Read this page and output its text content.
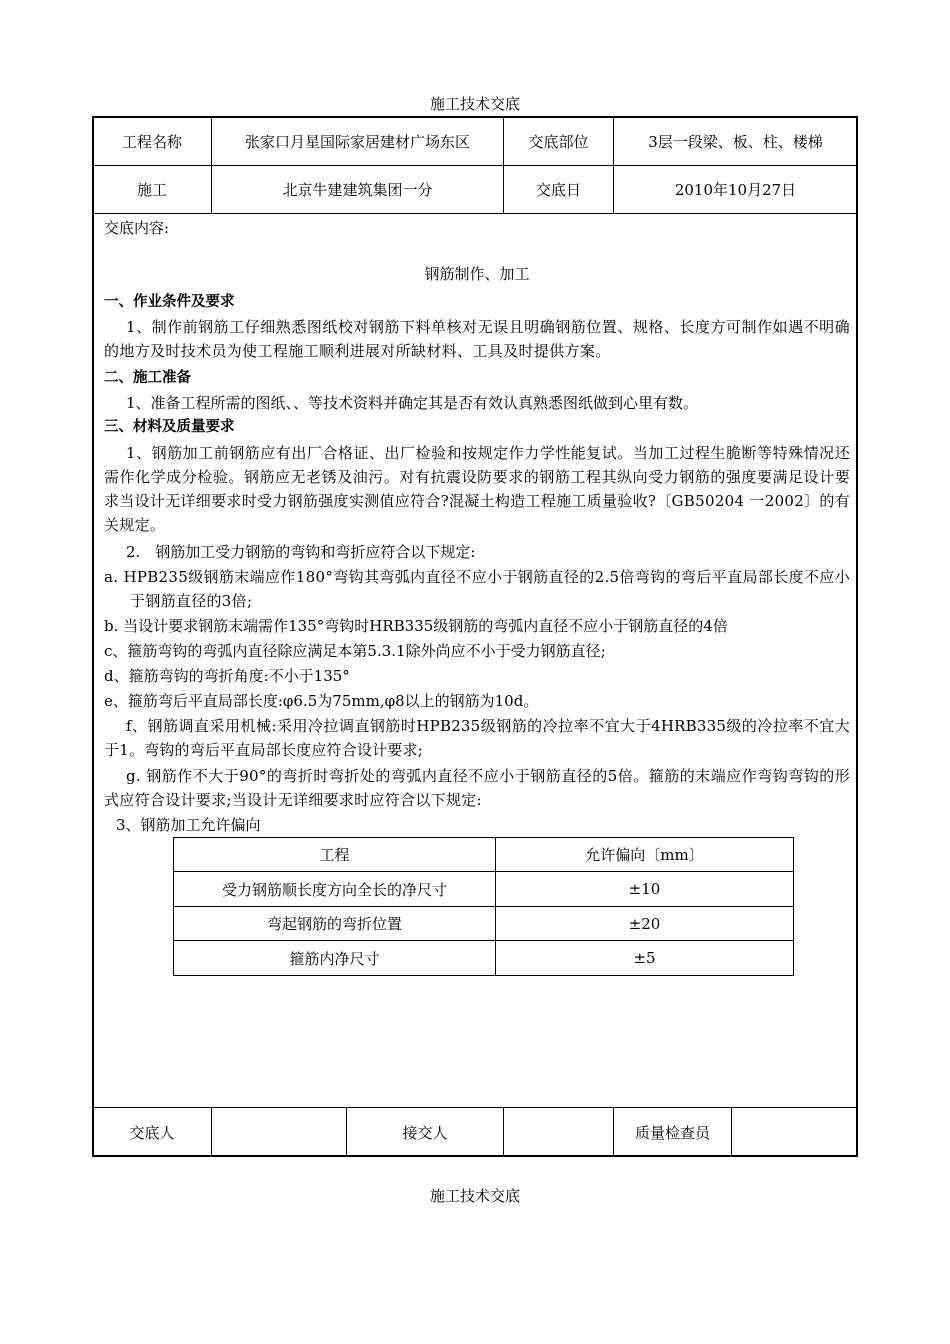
施工技术交底
工程名称	张家口月星国际家居建材广场东区	交底部位	3层一段梁、板、柱、楼梯
施工	北京牛建建筑集团一分	交底日	2010年10月27日
交底内容:
钢筋制作、加工
一、作业条件及要求
1、制作前钢筋工仔细熟悉图纸校对钢筋下料单核对无误且明确钢筋位置、规格、长度方可制作如遇不明确的地方及时技术员为使工程施工顺利进展对所缺材料、工具及时提供方案。
二、施工准备
1、准备工程所需的图纸、、等技术资料并确定其是否有效认真熟悉图纸做到心里有数。
三、材料及质量要求
1、钢筋加工前钢筋应有出厂合格证、出厂检验和按规定作力学性能复试。当加工过程生脆断等特殊情况还需作化学成分检验。钢筋应无老锈及油污。对有抗震设防要求的钢筋工程其纵向受力钢筋的强度要满足设计要求当设计无详细要求时受力钢筋强度实测值应符合?混凝土构造工程施工质量验收?〔GB50204 一2002〕的有关规定。
2.　钢筋加工受力钢筋的弯钩和弯折应符合以下规定:
a. HPB235级钢筋末端应作180°弯钩其弯弧内直径不应小于钢筋直径的2.5倍弯钩的弯后平直局部长度不应小于钢筋直径的3倍;
b. 当设计要求钢筋末端需作135°弯钩时HRB335级钢筋的弯弧内直径不应小于钢筋直径的4倍
c、箍筋弯钩的弯弧内直径除应满足本第5.3.1除外尚应不小于受力钢筋直径;
d、箍筋弯钩的弯折角度:不小于135°
e、箍筋弯后平直局部长度:φ6.5为75mm,φ8以上的钢筋为10d。
f、钢筋调直采用机械:采用冷拉调直钢筋时HPB235级钢筋的冷拉率不宜大于4HRB335级的冷拉率不宜大于1。弯钩的弯后平直局部长度应符合设计要求;
g. 钢筋作不大于90°的弯折时弯折处的弯弧内直径不应小于钢筋直径的5倍。箍筋的末端应作弯钩弯钩的形式应符合设计要求;当设计无详细要求时应符合以下规定:
3、钢筋加工允许偏向
工程	允许偏向〔mm〕
受力钢筋顺长度方向全长的净尺寸	±10
弯起钢筋的弯折位置	±20
箍筋内净尺寸	±5
交底人	接交人	质量检查员
施工技术交底
